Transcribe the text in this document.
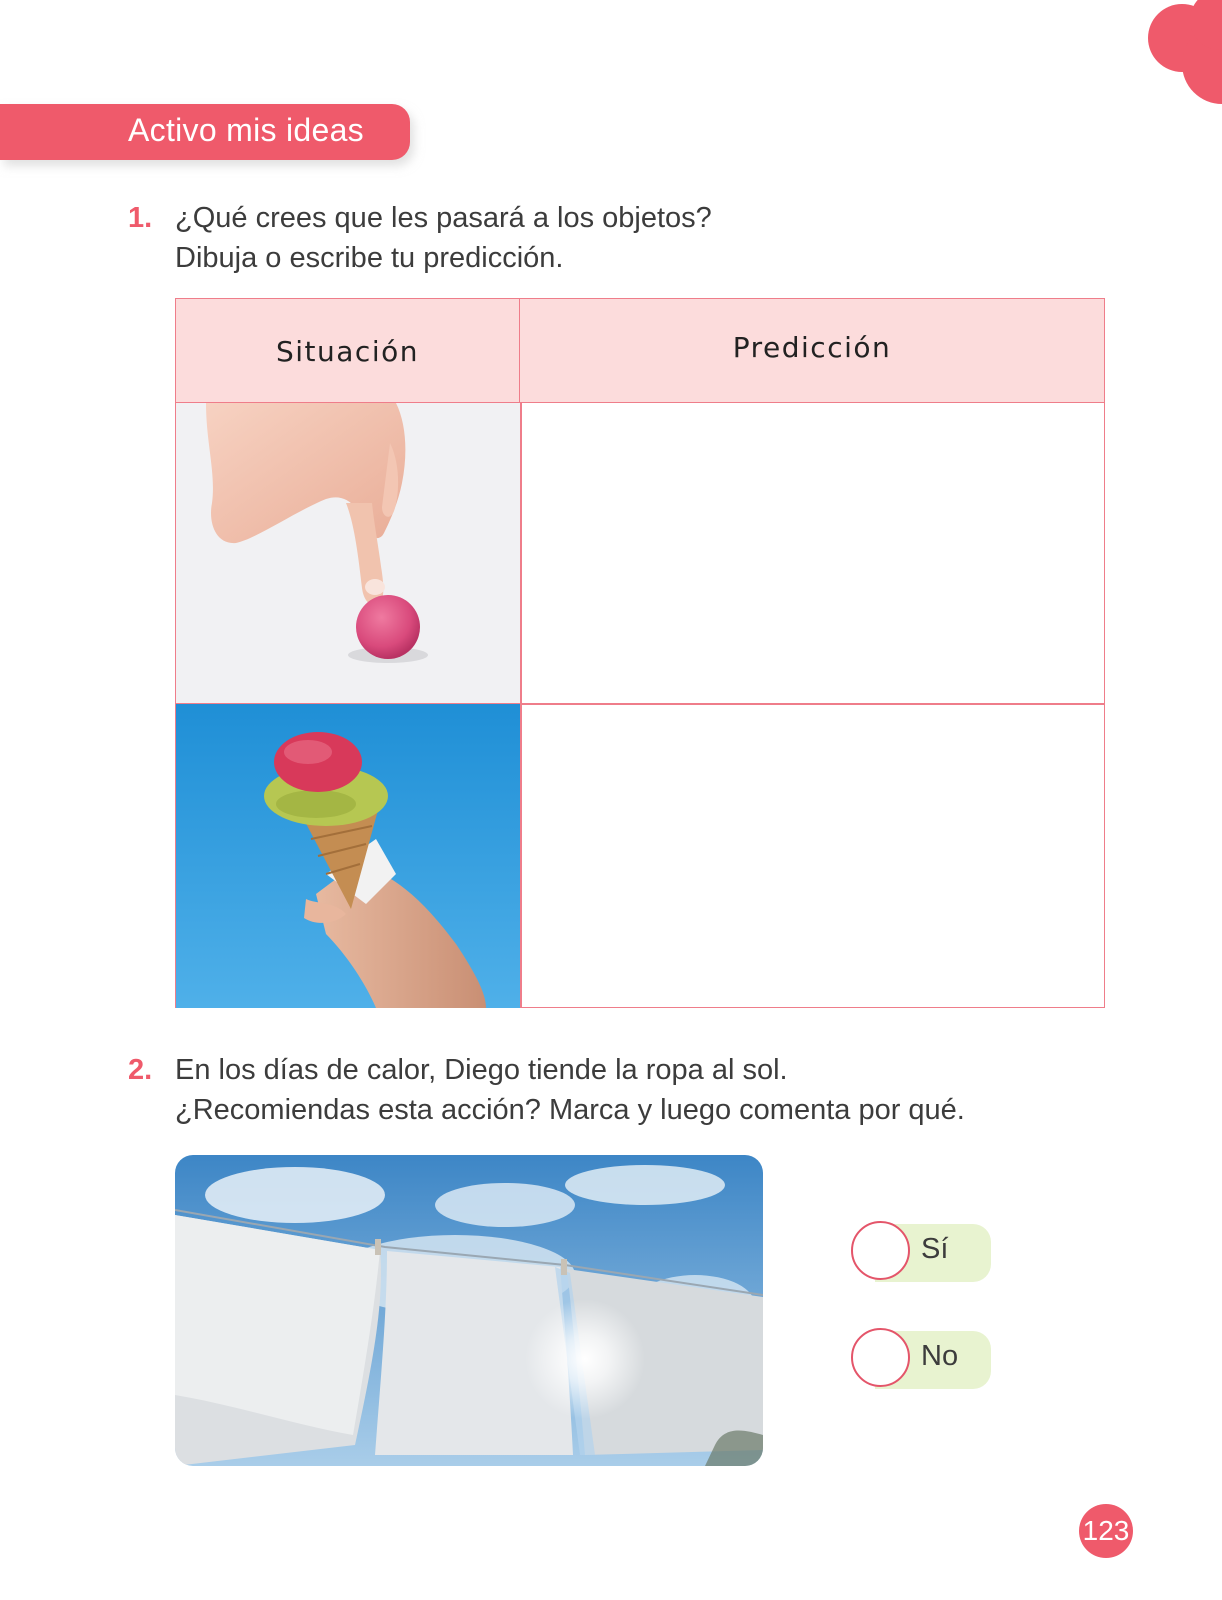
Activo mis ideas
1. ¿Qué crees que les pasará a los objetos?
Dibuja o escribe tu predicción.
Situación	Predicción
2. En los días de calor, Diego tiende la ropa al sol.
¿Recomiendas esta acción? Marca y luego comenta por qué.
Sí
No
123
